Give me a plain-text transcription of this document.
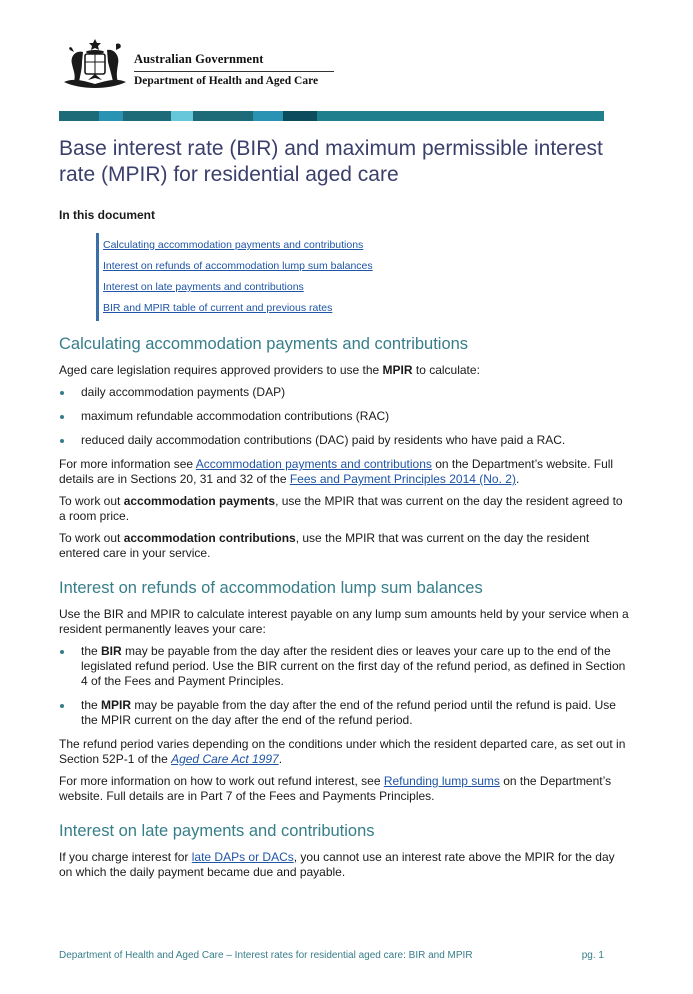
Australian Government
Department of Health and Aged Care
Base interest rate (BIR) and maximum permissible interest rate (MPIR) for residential aged care

In this document

Calculating accommodation payments and contributions
Interest on refunds of accommodation lump sum balances
Interest on late payments and contributions
BIR and MPIR table of current and previous rates
Calculating accommodation payments and contributions

Aged care legislation requires approved providers to use the MPIR to calculate:

daily accommodation payments (DAP)
maximum refundable accommodation contributions (RAC)
reduced daily accommodation contributions (DAC) paid by residents who have paid a RAC.

For more information see Accommodation payments and contributions on the Department’s website. Full details are in Sections 20, 31 and 32 of the Fees and Payment Principles 2014 (No. 2).

To work out accommodation payments, use the MPIR that was current on the day the resident agreed to a room price.

To work out accommodation contributions, use the MPIR that was current on the day the resident entered care in your service.

Interest on refunds of accommodation lump sum balances

Use the BIR and MPIR to calculate interest payable on any lump sum amounts held by your service when a resident permanently leaves your care:

the BIR may be payable from the day after the resident dies or leaves your care up to the end of the legislated refund period. Use the BIR current on the first day of the refund period, as defined in Section 4 of the Fees and Payment Principles.
the MPIR may be payable from the day after the end of the refund period until the refund is paid. Use the MPIR current on the day after the end of the refund period.

The refund period varies depending on the conditions under which the resident departed care, as set out in Section 52P-1 of the Aged Care Act 1997.

For more information on how to work out refund interest, see Refunding lump sums on the Department’s website. Full details are in Part 7 of the Fees and Payments Principles.

Interest on late payments and contributions

If you charge interest for late DAPs or DACs, you cannot use an interest rate above the MPIR for the day on which the daily payment became due and payable.

Department of Health and Aged Care – Interest rates for residential aged care: BIR and MPIR	pg. 1
